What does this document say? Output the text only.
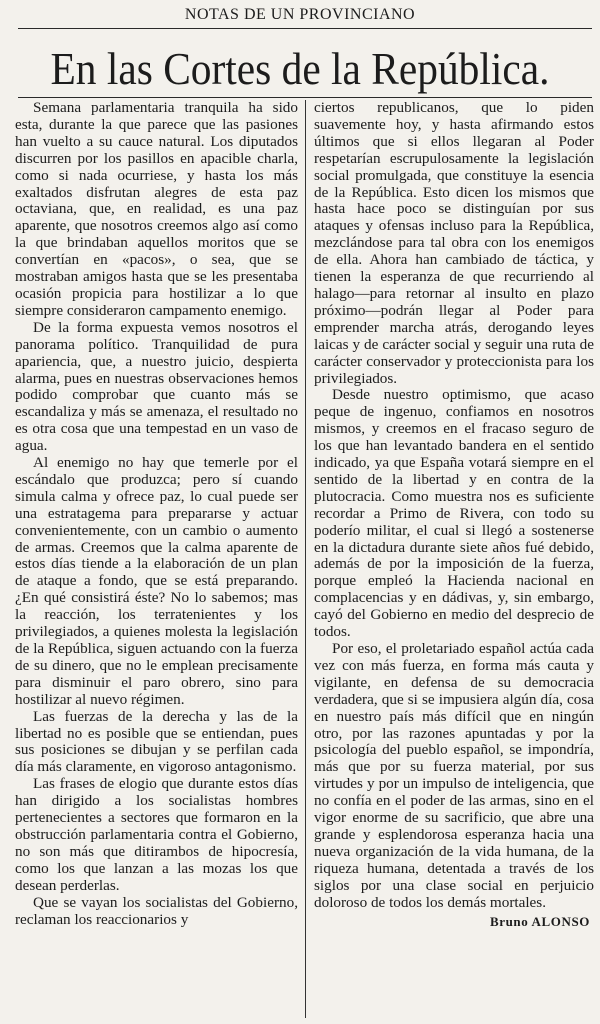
NOTAS DE UN PROVINCIANO
En las Cortes de la República.

Semana parlamentaria tranquila ha sido esta, durante la que parece que las pasiones han vuelto a su cauce natural. Los diputados discurren por los pasillos en apacible charla, como si nada ocurriese, y hasta los más exaltados disfrutan alegres de esta paz octaviana, que, en realidad, es una paz aparente, que nosotros creemos algo así como la que brindaban aquellos moritos que se convertían en «pacos», o sea, que se mostraban amigos hasta que se les presentaba ocasión propicia para hostilizar a lo que siempre consideraron campamento enemigo.

De la forma expuesta vemos nosotros el panorama político. Tranquilidad de pura apariencia, que, a nuestro juicio, despierta alarma, pues en nuestras observaciones hemos podido comprobar que cuanto más se escandaliza y más se amenaza, el resultado no es otra cosa que una tempestad en un vaso de agua.

Al enemigo no hay que temerle por el escándalo que produzca; pero sí cuando simula calma y ofrece paz, lo cual puede ser una estratagema para prepararse y actuar convenientemente, con un cambio o aumento de armas. Creemos que la calma aparente de estos días tiende a la elaboración de un plan de ataque a fondo, que se está preparando. ¿En qué consistirá éste? No lo sabemos; mas la reacción, los terratenientes y los privilegiados, a quienes molesta la legislación de la República, siguen actuando con la fuerza de su dinero, que no le emplean precisamente para disminuir el paro obrero, sino para hostilizar al nuevo régimen.

Las fuerzas de la derecha y las de la libertad no es posible que se entiendan, pues sus posiciones se dibujan y se perfilan cada día más claramente, en vigoroso antagonismo.

Las frases de elogio que durante estos días han dirigido a los socialistas hombres pertenecientes a sectores que formaron en la obstrucción parlamentaria contra el Gobierno, no son más que ditirambos de hipocresía, como los que lanzan a las mozas los que desean perderlas.

Que se vayan los socialistas del Gobierno, reclaman los reaccionarios y

ciertos republicanos, que lo piden suavemente hoy, y hasta afirmando estos últimos que si ellos llegaran al Poder respetarían escrupulosamente la legislación social promulgada, que constituye la esencia de la República. Esto dicen los mismos que hasta hace poco se distinguían por sus ataques y ofensas incluso para la República, mezclándose para tal obra con los enemigos de ella. Ahora han cambiado de táctica, y tienen la esperanza de que recurriendo al halago—para retornar al insulto en plazo próximo—podrán llegar al Poder para emprender marcha atrás, derogando leyes laicas y de carácter social y seguir una ruta de carácter conservador y proteccionista para los privilegiados.

Desde nuestro optimismo, que acaso peque de ingenuo, confiamos en nosotros mismos, y creemos en el fracaso seguro de los que han levantado bandera en el sentido indicado, ya que España votará siempre en el sentido de la libertad y en contra de la plutocracia. Como muestra nos es suficiente recordar a Primo de Rivera, con todo su poderío militar, el cual si llegó a sostenerse en la dictadura durante siete años fué debido, además de por la imposición de la fuerza, porque empleó la Hacienda nacional en complacencias y en dádivas, y, sin embargo, cayó del Gobierno en medio del desprecio de todos.

Por eso, el proletariado español actúa cada vez con más fuerza, en forma más cauta y vigilante, en defensa de su democracia verdadera, que si se impusiera algún día, cosa en nuestro país más difícil que en ningún otro, por las razones apuntadas y por la psicología del pueblo español, se impondría, más que por su fuerza material, por sus virtudes y por un impulso de inteligencia, que no confía en el poder de las armas, sino en el vigor enorme de su sacrificio, que abre una grande y esplendorosa esperanza hacia una nueva organización de la vida humana, de la riqueza humana, detentada a través de los siglos por una clase social en perjuicio doloroso de todos los demás mortales.

Bruno ALONSO
